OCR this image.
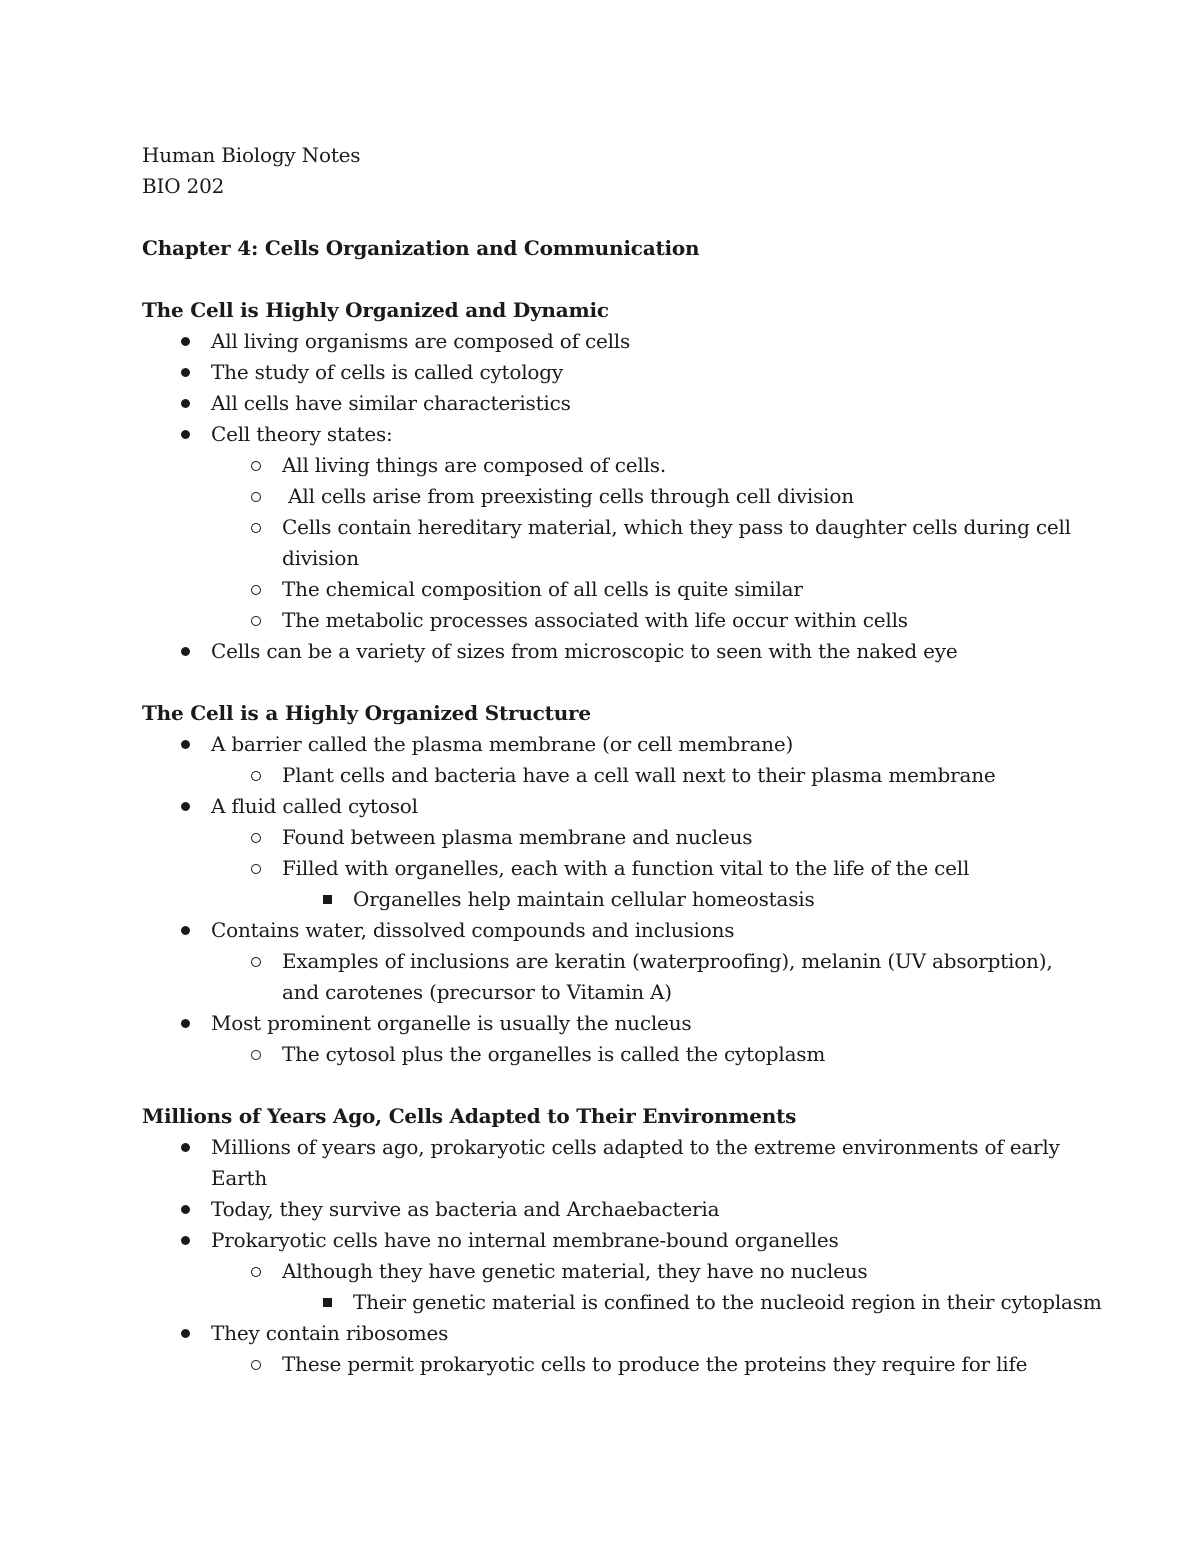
Human Biology Notes
BIO 202
Chapter 4: Cells Organization and Communication
The Cell is Highly Organized and Dynamic
All living organisms are composed of cells
The study of cells is called cytology
All cells have similar characteristics
Cell theory states:
All living things are composed of cells.
All cells arise from preexisting cells through cell division
Cells contain hereditary material, which they pass to daughter cells during cell division
The chemical composition of all cells is quite similar
The metabolic processes associated with life occur within cells
Cells can be a variety of sizes from microscopic to seen with the naked eye
The Cell is a Highly Organized Structure
A barrier called the plasma membrane (or cell membrane)
Plant cells and bacteria have a cell wall next to their plasma membrane
A fluid called cytosol
Found between plasma membrane and nucleus
Filled with organelles, each with a function vital to the life of the cell
Organelles help maintain cellular homeostasis
Contains water, dissolved compounds and inclusions
Examples of inclusions are keratin (waterproofing), melanin (UV absorption), and carotenes (precursor to Vitamin A)
Most prominent organelle is usually the nucleus
The cytosol plus the organelles is called the cytoplasm
Millions of Years Ago, Cells Adapted to Their Environments
Millions of years ago, prokaryotic cells adapted to the extreme environments of early Earth
Today, they survive as bacteria and Archaebacteria
Prokaryotic cells have no internal membrane-bound organelles
Although they have genetic material, they have no nucleus
Their genetic material is confined to the nucleoid region in their cytoplasm
They contain ribosomes
These permit prokaryotic cells to produce the proteins they require for life
